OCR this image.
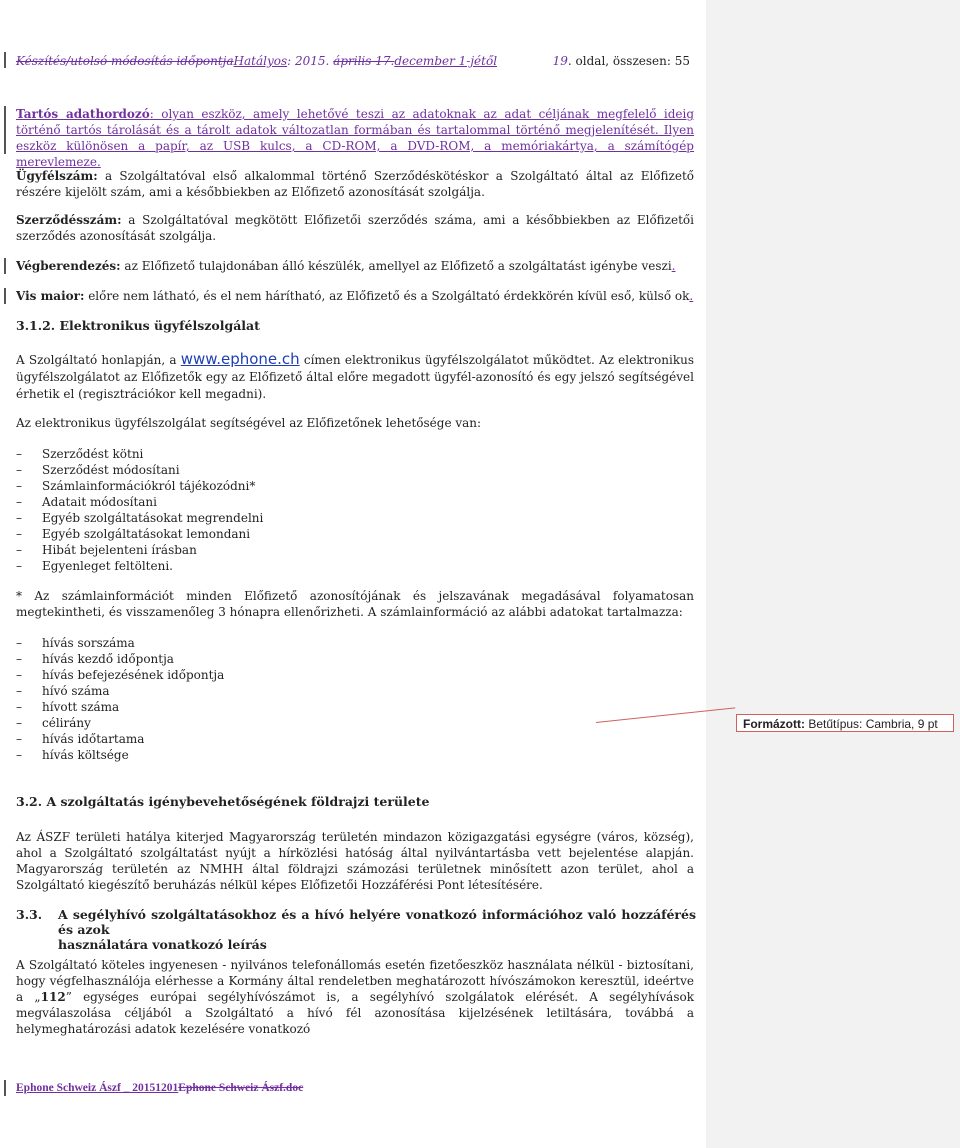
Készítés/utolsó módosítás időpontjaHatályos: 2015. április 17.december 1-jétől	19. oldal, összesen: 55
Tartós adathordozó: olyan eszköz, amely lehetővé teszi az adatoknak az adat céljának megfelelő ideig történő tartós tárolását és a tárolt adatok változatlan formában és tartalommal történő megjelenítését. Ilyen eszköz különösen a papír, az USB kulcs, a CD-ROM, a DVD-ROM, a memóriakártya, a számítógép merevlemeze.
Ügyfélszám: a Szolgáltatóval első alkalommal történő Szerződéskötéskor a Szolgáltató által az Előfizető részére kijelölt szám, ami a későbbiekben az Előfizető azonosítását szolgálja.
Szerződésszám: a Szolgáltatóval megkötött Előfizetői szerződés száma, ami a későbbiekben az Előfizetői szerződés azonosítását szolgálja.
Végberendezés: az Előfizető tulajdonában álló készülék, amellyel az Előfizető a szolgáltatást igénybe veszi.
Vis maior: előre nem látható, és el nem hárítható, az Előfizető és a Szolgáltató érdekkörén kívül eső, külső ok.
3.1.2. Elektronikus ügyfélszolgálat
A Szolgáltató honlapján, a www.ephone.ch címen elektronikus ügyfélszolgálatot működtet. Az elektronikus ügyfélszolgálatot az Előfizetők egy az Előfizető által előre megadott ügyfél-azonosító és egy jelszó segítségével érhetik el (regisztrációkor kell megadni).
Az elektronikus ügyfélszolgálat segítségével az Előfizetőnek lehetősége van:
– Szerződést kötni
– Szerződést módosítani
– Számlainformációkról tájékozódni*
– Adatait módosítani
– Egyéb szolgáltatásokat megrendelni
– Egyéb szolgáltatásokat lemondani
– Hibát bejelenteni írásban
– Egyenleget feltölteni.
* Az számlainformációt minden Előfizető azonosítójának és jelszavának megadásával folyamatosan megtekintheti, és visszamenőleg 3 hónapra ellenőrizheti. A számlainformáció az alábbi adatokat tartalmazza:
– hívás sorszáma
– hívás kezdő időpontja
– hívás befejezésének időpontja
– hívó száma
– hívott száma
– célirány
– hívás időtartama
– hívás költsége
3.2. A szolgáltatás igénybevehetőségének földrajzi területe
Az ÁSZF területi hatálya kiterjed Magyarország területén mindazon közigazgatási egységre (város, község), ahol a Szolgáltató szolgáltatást nyújt a hírközlési hatóság által nyilvántartásba vett bejelentése alapján. Magyarország területén az NMHH által földrajzi számozási területnek minősített azon terület, ahol a Szolgáltató kiegészítő beruházás nélkül képes Előfizetői Hozzáférési Pont létesítésére.
3.3.	A segélyhívó szolgáltatásokhoz és a hívó helyére vonatkozó információhoz való hozzáférés és azok
használatára vonatkozó leírás
A Szolgáltató köteles ingyenesen - nyilvános telefonállomás esetén fizetőeszköz használata nélkül - biztosítani, hogy végfelhasználója elérhesse a Kormány által rendeletben meghatározott hívószámokon keresztül, ideértve a „112” egységes európai segélyhívószámot is, a segélyhívó szolgálatok elérését. A segélyhívások megválaszolása céljából a Szolgáltató a hívó fél azonosítása kijelzésének letiltására, továbbá a helymeghatározási adatok kezelésére vonatkozó
Formázott: Betűtípus: Cambria, 9 pt
Ephone Schweiz Ászf _ 20151201Ephone Schweiz Ászf.doc
